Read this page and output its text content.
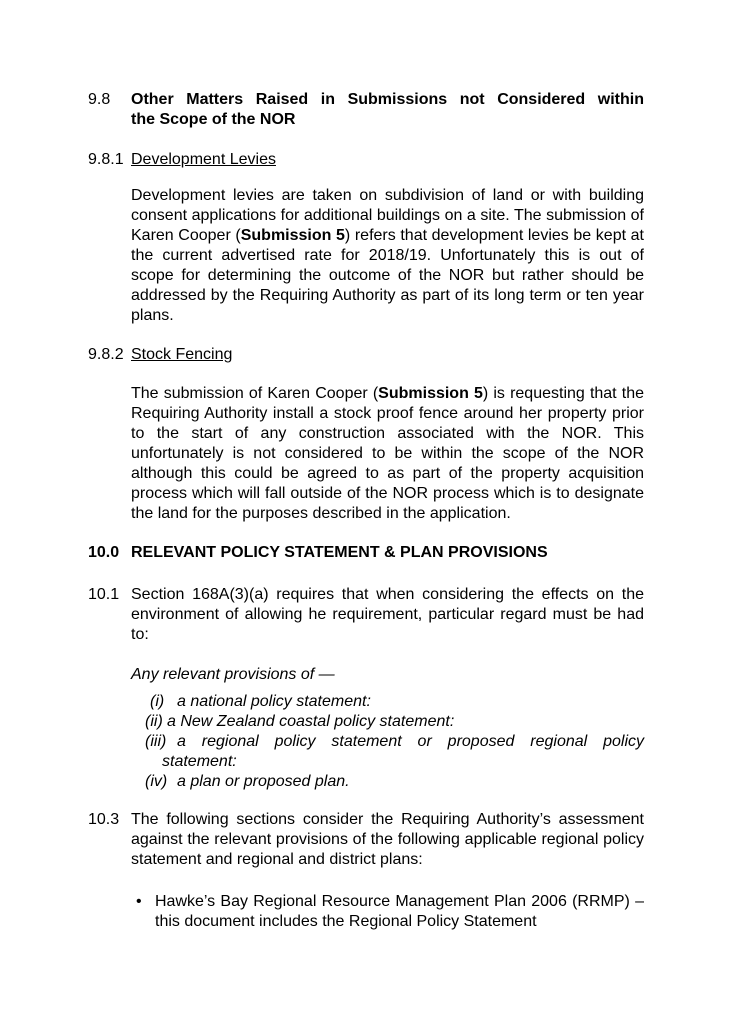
9.8 Other Matters Raised in Submissions not Considered within
the Scope of the NOR
9.8.1 Development Levies
Development levies are taken on subdivision of land or with building consent applications for additional buildings on a site. The submission of Karen Cooper (Submission 5) refers that development levies be kept at the current advertised rate for 2018/19. Unfortunately this is out of scope for determining the outcome of the NOR but rather should be addressed by the Requiring Authority as part of its long term or ten year plans.
9.8.2 Stock Fencing
The submission of Karen Cooper (Submission 5) is requesting that the Requiring Authority install a stock proof fence around her property prior to the start of any construction associated with the NOR. This unfortunately is not considered to be within the scope of the NOR although this could be agreed to as part of the property acquisition process which will fall outside of the NOR process which is to designate the land for the purposes described in the application.
10.0 RELEVANT POLICY STATEMENT & PLAN PROVISIONS
10.1 Section 168A(3)(a) requires that when considering the effects on the environment of allowing he requirement, particular regard must be had to:
Any relevant provisions of —
(i) a national policy statement:
(ii) a New Zealand coastal policy statement:
(iii) a regional policy statement or proposed regional policy
statement:
(iv) a plan or proposed plan.
10.3 The following sections consider the Requiring Authority’s assessment against the relevant provisions of the following applicable regional policy statement and regional and district plans:
• Hawke’s Bay Regional Resource Management Plan 2006 (RRMP) – this document includes the Regional Policy Statement
